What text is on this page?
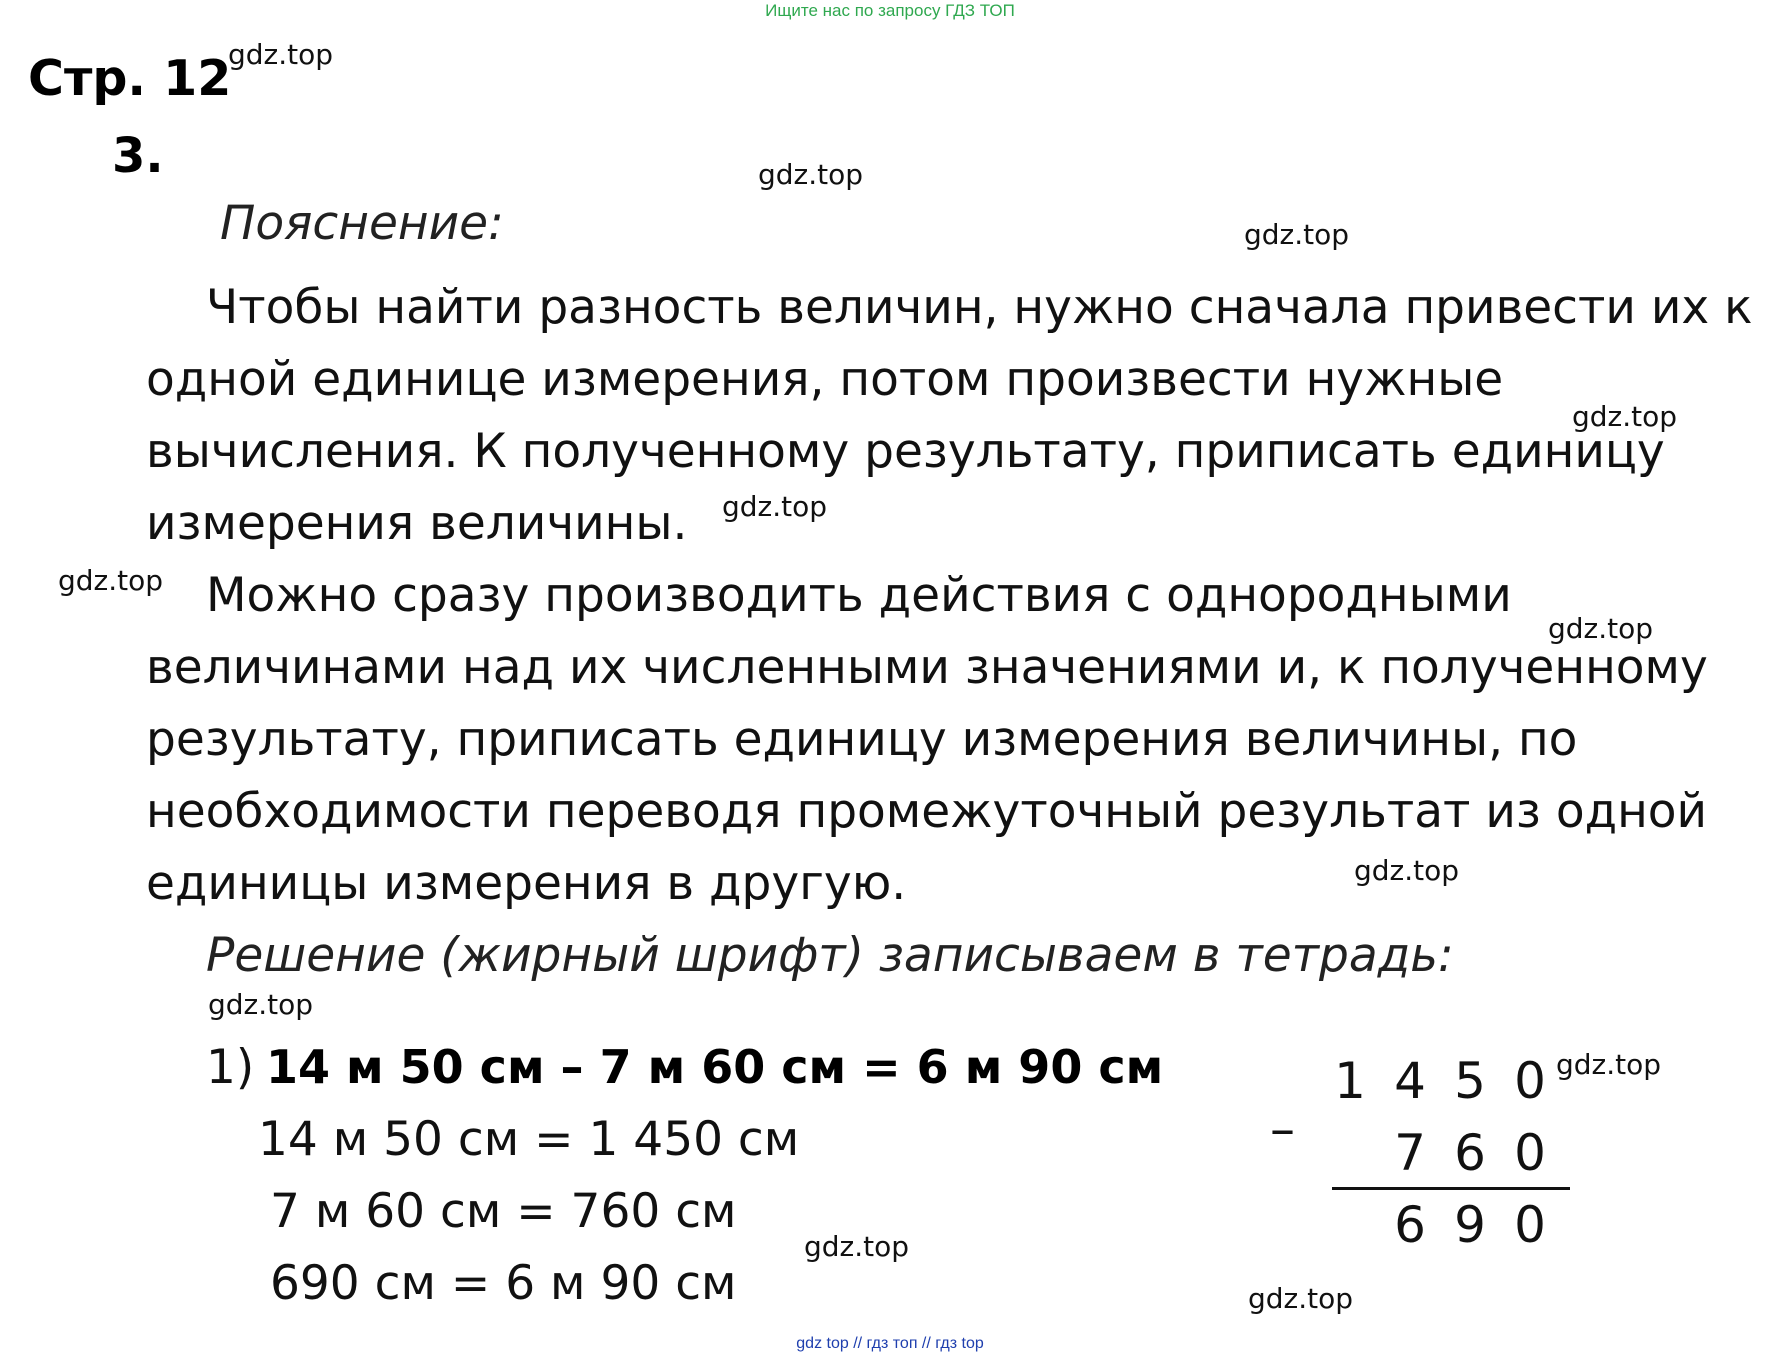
Ищите нас по запросу ГДЗ ТОП
Стр. 12
3.
Пояснение:
Чтобы найти разность величин, нужно сначала привести их к
одной единице измерения, потом произвести нужные
вычисления. К полученному результату, приписать единицу
измерения величины.
Можно сразу производить действия с однородными
величинами над их численными значениями и, к полученному
результату, приписать единицу измерения величины, по
необходимости переводя промежуточный результат из одной
единицы измерения в другую.
Решение (жирный шрифт) записываем в тетрадь:
1) 14 м 50 см – 7 м 60 см = 6 м 90 см
14 м 50 см = 1 450 см
7 м 60 см = 760 см
690 см = 6 м 90 см
–
1 4 5 0
7 6 0
6 9 0
gdz.top
gdz.top
gdz.top
gdz.top
gdz.top
gdz.top
gdz.top
gdz.top
gdz.top
gdz.top
gdz.top
gdz.top
gdz top // гдз топ // гдз top
